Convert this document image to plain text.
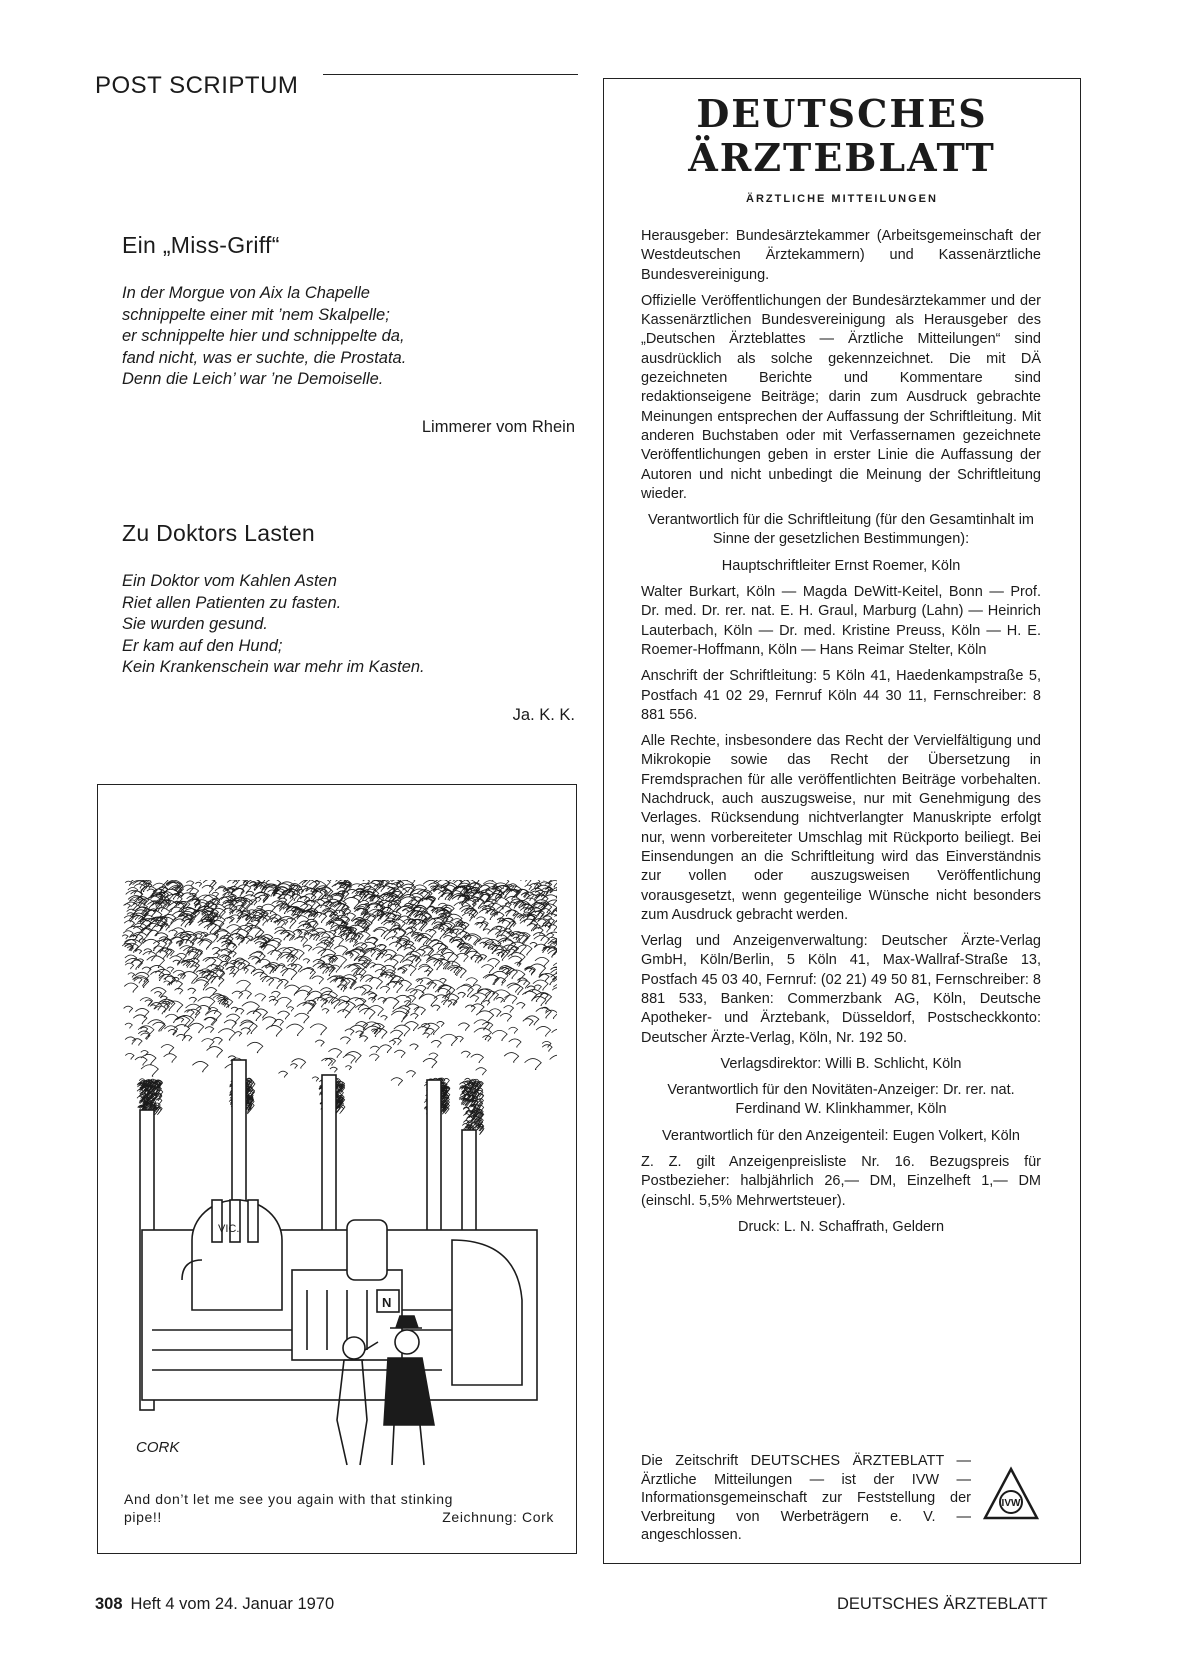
POST SCRIPTUM
Ein „Miss-Griff“
In der Morgue von Aix la Chapelle
schnippelte einer mit ’nem Skalpelle;
er schnippelte hier und schnippelte da,
fand nicht, was er suchte, die Prostata.
Denn die Leich’ war ’ne Demoiselle.
Limmerer vom Rhein
Zu Doktors Lasten
Ein Doktor vom Kahlen Asten
Riet allen Patienten zu fasten.
Sie wurden gesund.
Er kam auf den Hund;
Kein Krankenschein war mehr im Kasten.
Ja. K. K.
VIC.
N
CORK
And don’t let me see you again with that stinking
pipe!!	Zeichnung: Cork
DEUTSCHES
ÄRZTEBLATT
ÄRZTLICHE MITTEILUNGEN

Herausgeber: Bundesärztekammer (Arbeitsgemeinschaft der Westdeutschen Ärztekammern) und Kassenärztliche Bundesvereinigung.

Offizielle Veröffentlichungen der Bundesärztekammer und der Kassenärztlichen Bundesvereinigung als Herausgeber des „Deutschen Ärzteblattes — Ärztliche Mitteilungen“ sind ausdrücklich als solche gekennzeichnet. Die mit DÄ gezeichneten Berichte und Kommentare sind redaktionseigene Beiträge; darin zum Ausdruck gebrachte Meinungen entsprechen der Auffassung der Schriftleitung. Mit anderen Buchstaben oder mit Verfassernamen gezeichnete Veröffentlichungen geben in erster Linie die Auffassung der Autoren und nicht unbedingt die Meinung der Schriftleitung wieder.

Verantwortlich für die Schriftleitung (für den Gesamtinhalt im Sinne der gesetzlichen Bestimmungen):

Hauptschriftleiter Ernst Roemer, Köln

Walter Burkart, Köln — Magda DeWitt-Keitel, Bonn — Prof. Dr. med. Dr. rer. nat. E. H. Graul, Marburg (Lahn) — Heinrich Lauterbach, Köln — Dr. med. Kristine Preuss, Köln — H. E. Roemer-Hoffmann, Köln — Hans Reimar Stelter, Köln

Anschrift der Schriftleitung: 5 Köln 41, Haedenkampstraße 5, Postfach 41 02 29, Fernruf Köln 44 30 11, Fernschreiber: 8 881 556.

Alle Rechte, insbesondere das Recht der Vervielfältigung und Mikrokopie sowie das Recht der Übersetzung in Fremdsprachen für alle veröffentlichten Beiträge vorbehalten. Nachdruck, auch auszugsweise, nur mit Genehmigung des Verlages. Rücksendung nichtverlangter Manuskripte erfolgt nur, wenn vorbereiteter Umschlag mit Rückporto beiliegt. Bei Einsendungen an die Schriftleitung wird das Einverständnis zur vollen oder auszugsweisen Veröffentlichung vorausgesetzt, wenn gegenteilige Wünsche nicht besonders zum Ausdruck gebracht werden.

Verlag und Anzeigenverwaltung: Deutscher Ärzte-Verlag GmbH, Köln/Berlin, 5 Köln 41, Max-Wallraf-Straße 13, Postfach 45 03 40, Fernruf: (02 21) 49 50 81, Fernschreiber: 8 881 533, Banken: Commerzbank AG, Köln, Deutsche Apotheker- und Ärztebank, Düsseldorf, Postscheckkonto: Deutscher Ärzte-Verlag, Köln, Nr. 192 50.

Verlagsdirektor: Willi B. Schlicht, Köln

Verantwortlich für den Novitäten-Anzeiger: Dr. rer. nat. Ferdinand W. Klinkhammer, Köln

Verantwortlich für den Anzeigenteil: Eugen Volkert, Köln

Z. Z. gilt Anzeigenpreisliste Nr. 16. Bezugspreis für Postbezieher: halbjährlich 26,— DM, Einzelheft 1,— DM (einschl. 5,5% Mehrwertsteuer).

Druck: L. N. Schaffrath, Geldern

Die Zeitschrift DEUTSCHES ÄRZTEBLATT — Ärztliche Mitteilungen — ist der IVW — Informationsgemeinschaft zur Feststellung der Verbreitung von Werbeträgern e. V. — angeschlossen.
IVW
308 Heft 4 vom 24. Januar 1970	DEUTSCHES ÄRZTEBLATT
